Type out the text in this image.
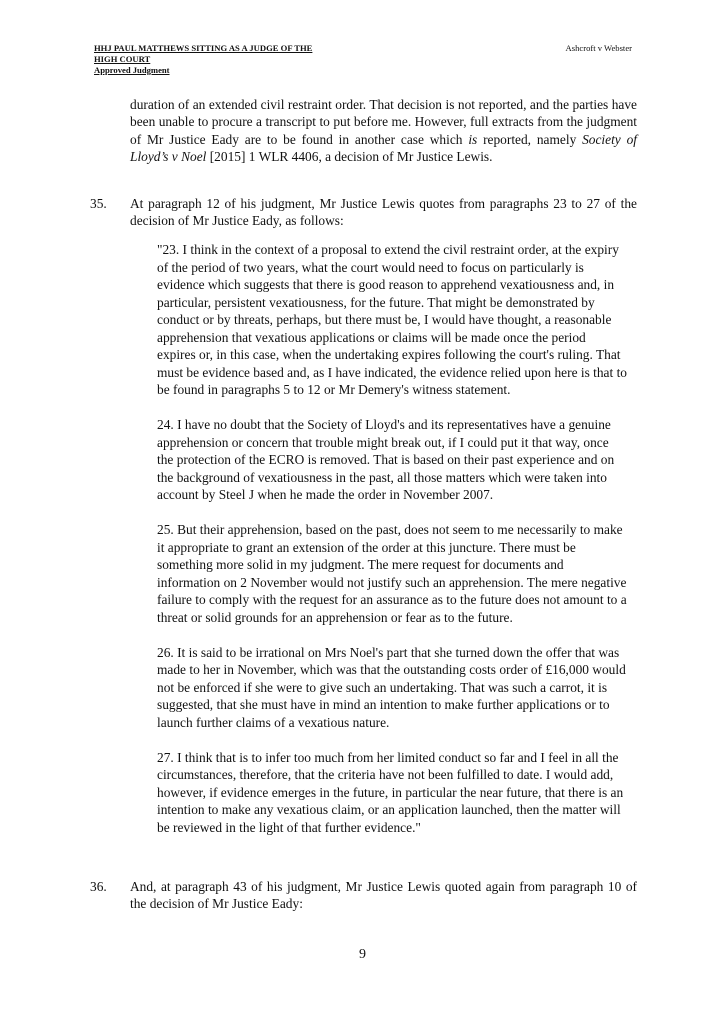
HHJ PAUL MATTHEWS SITTING AS A JUDGE OF THE
HIGH COURT
Approved Judgment
Ashcroft v Webster
duration of an extended civil restraint order. That decision is not reported, and the parties have been unable to procure a transcript to put before me. However, full extracts from the judgment of Mr Justice Eady are to be found in another case which is reported, namely Society of Lloyd’s v Noel [2015] 1 WLR 4406, a decision of Mr Justice Lewis.
35. At paragraph 12 of his judgment, Mr Justice Lewis quotes from paragraphs 23 to 27 of the decision of Mr Justice Eady, as follows:

"23. I think in the context of a proposal to extend the civil restraint order, at the expiry of the period of two years, what the court would need to focus on particularly is evidence which suggests that there is good reason to apprehend vexatiousness and, in particular, persistent vexatiousness, for the future. That might be demonstrated by conduct or by threats, perhaps, but there must be, I would have thought, a reasonable apprehension that vexatious applications or claims will be made once the period expires or, in this case, when the undertaking expires following the court's ruling. That must be evidence based and, as I have indicated, the evidence relied upon here is that to be found in paragraphs 5 to 12 or Mr Demery's witness statement.

24. I have no doubt that the Society of Lloyd's and its representatives have a genuine apprehension or concern that trouble might break out, if I could put it that way, once the protection of the ECRO is removed. That is based on their past experience and on the background of vexatiousness in the past, all those matters which were taken into account by Steel J when he made the order in November 2007.

25. But their apprehension, based on the past, does not seem to me necessarily to make it appropriate to grant an extension of the order at this juncture. There must be something more solid in my judgment. The mere request for documents and information on 2 November would not justify such an apprehension. The mere negative failure to comply with the request for an assurance as to the future does not amount to a threat or solid grounds for an apprehension or fear as to the future.

26. It is said to be irrational on Mrs Noel's part that she turned down the offer that was made to her in November, which was that the outstanding costs order of £16,000 would not be enforced if she were to give such an undertaking. That was such a carrot, it is suggested, that she must have in mind an intention to make further applications or to launch further claims of a vexatious nature.

27. I think that is to infer too much from her limited conduct so far and I feel in all the circumstances, therefore, that the criteria have not been fulfilled to date. I would add, however, if evidence emerges in the future, in particular the near future, that there is an intention to make any vexatious claim, or an application launched, then the matter will be reviewed in the light of that further evidence."

36. And, at paragraph 43 of his judgment, Mr Justice Lewis quoted again from paragraph 10 of the decision of Mr Justice Eady:
9
